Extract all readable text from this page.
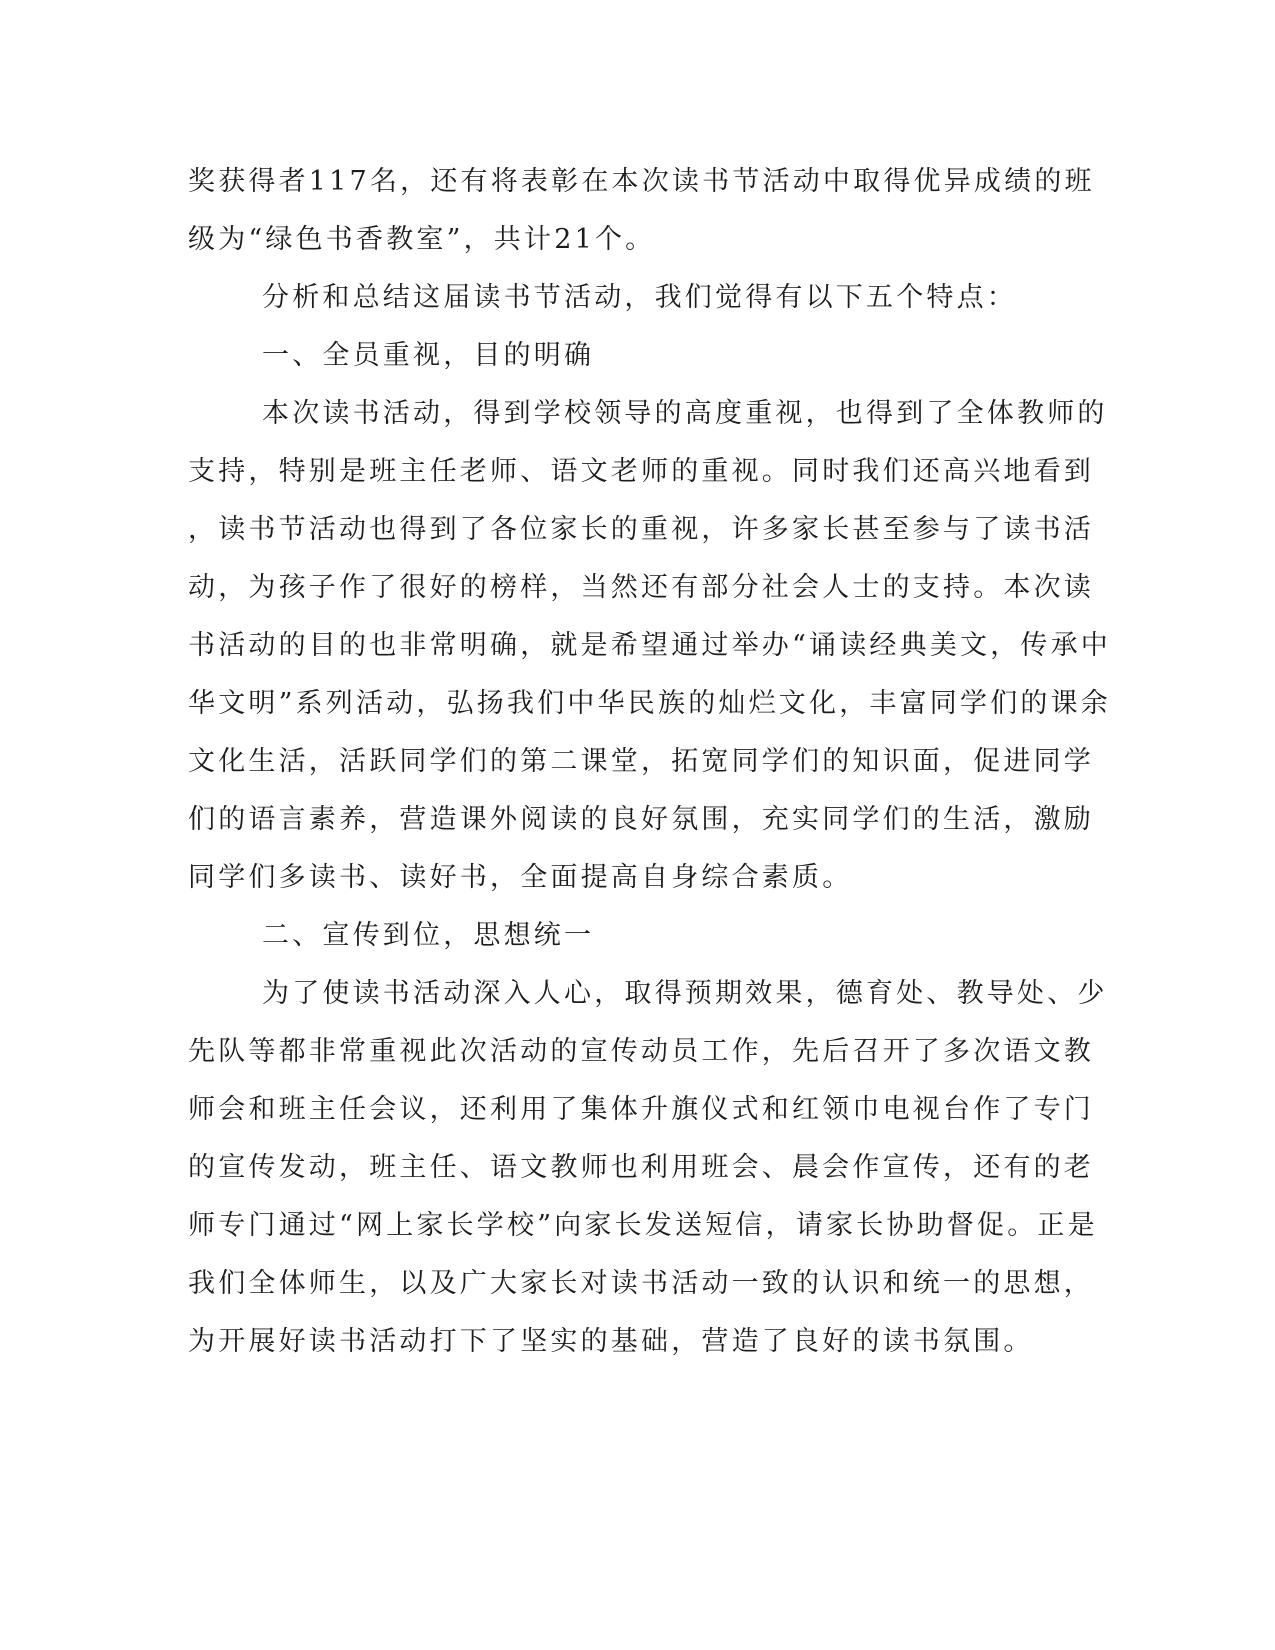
奖获得者117名，还有将表彰在本次读书节活动中取得优异成绩的班
级为“绿色书香教室”，共计21个。
分析和总结这届读书节活动，我们觉得有以下五个特点：
一、全员重视，目的明确
本次读书活动，得到学校领导的高度重视，也得到了全体教师的
支持，特别是班主任老师、语文老师的重视。同时我们还高兴地看到
，读书节活动也得到了各位家长的重视，许多家长甚至参与了读书活
动，为孩子作了很好的榜样，当然还有部分社会人士的支持。本次读
书活动的目的也非常明确，就是希望通过举办“诵读经典美文，传承中
华文明”系列活动，弘扬我们中华民族的灿烂文化，丰富同学们的课余
文化生活，活跃同学们的第二课堂，拓宽同学们的知识面，促进同学
们的语言素养，营造课外阅读的良好氛围，充实同学们的生活，激励
同学们多读书、读好书，全面提高自身综合素质。
二、宣传到位，思想统一
为了使读书活动深入人心，取得预期效果，德育处、教导处、少
先队等都非常重视此次活动的宣传动员工作，先后召开了多次语文教
师会和班主任会议，还利用了集体升旗仪式和红领巾电视台作了专门
的宣传发动，班主任、语文教师也利用班会、晨会作宣传，还有的老
师专门通过“网上家长学校”向家长发送短信，请家长协助督促。正是
我们全体师生，以及广大家长对读书活动一致的认识和统一的思想，
为开展好读书活动打下了坚实的基础，营造了良好的读书氛围。
